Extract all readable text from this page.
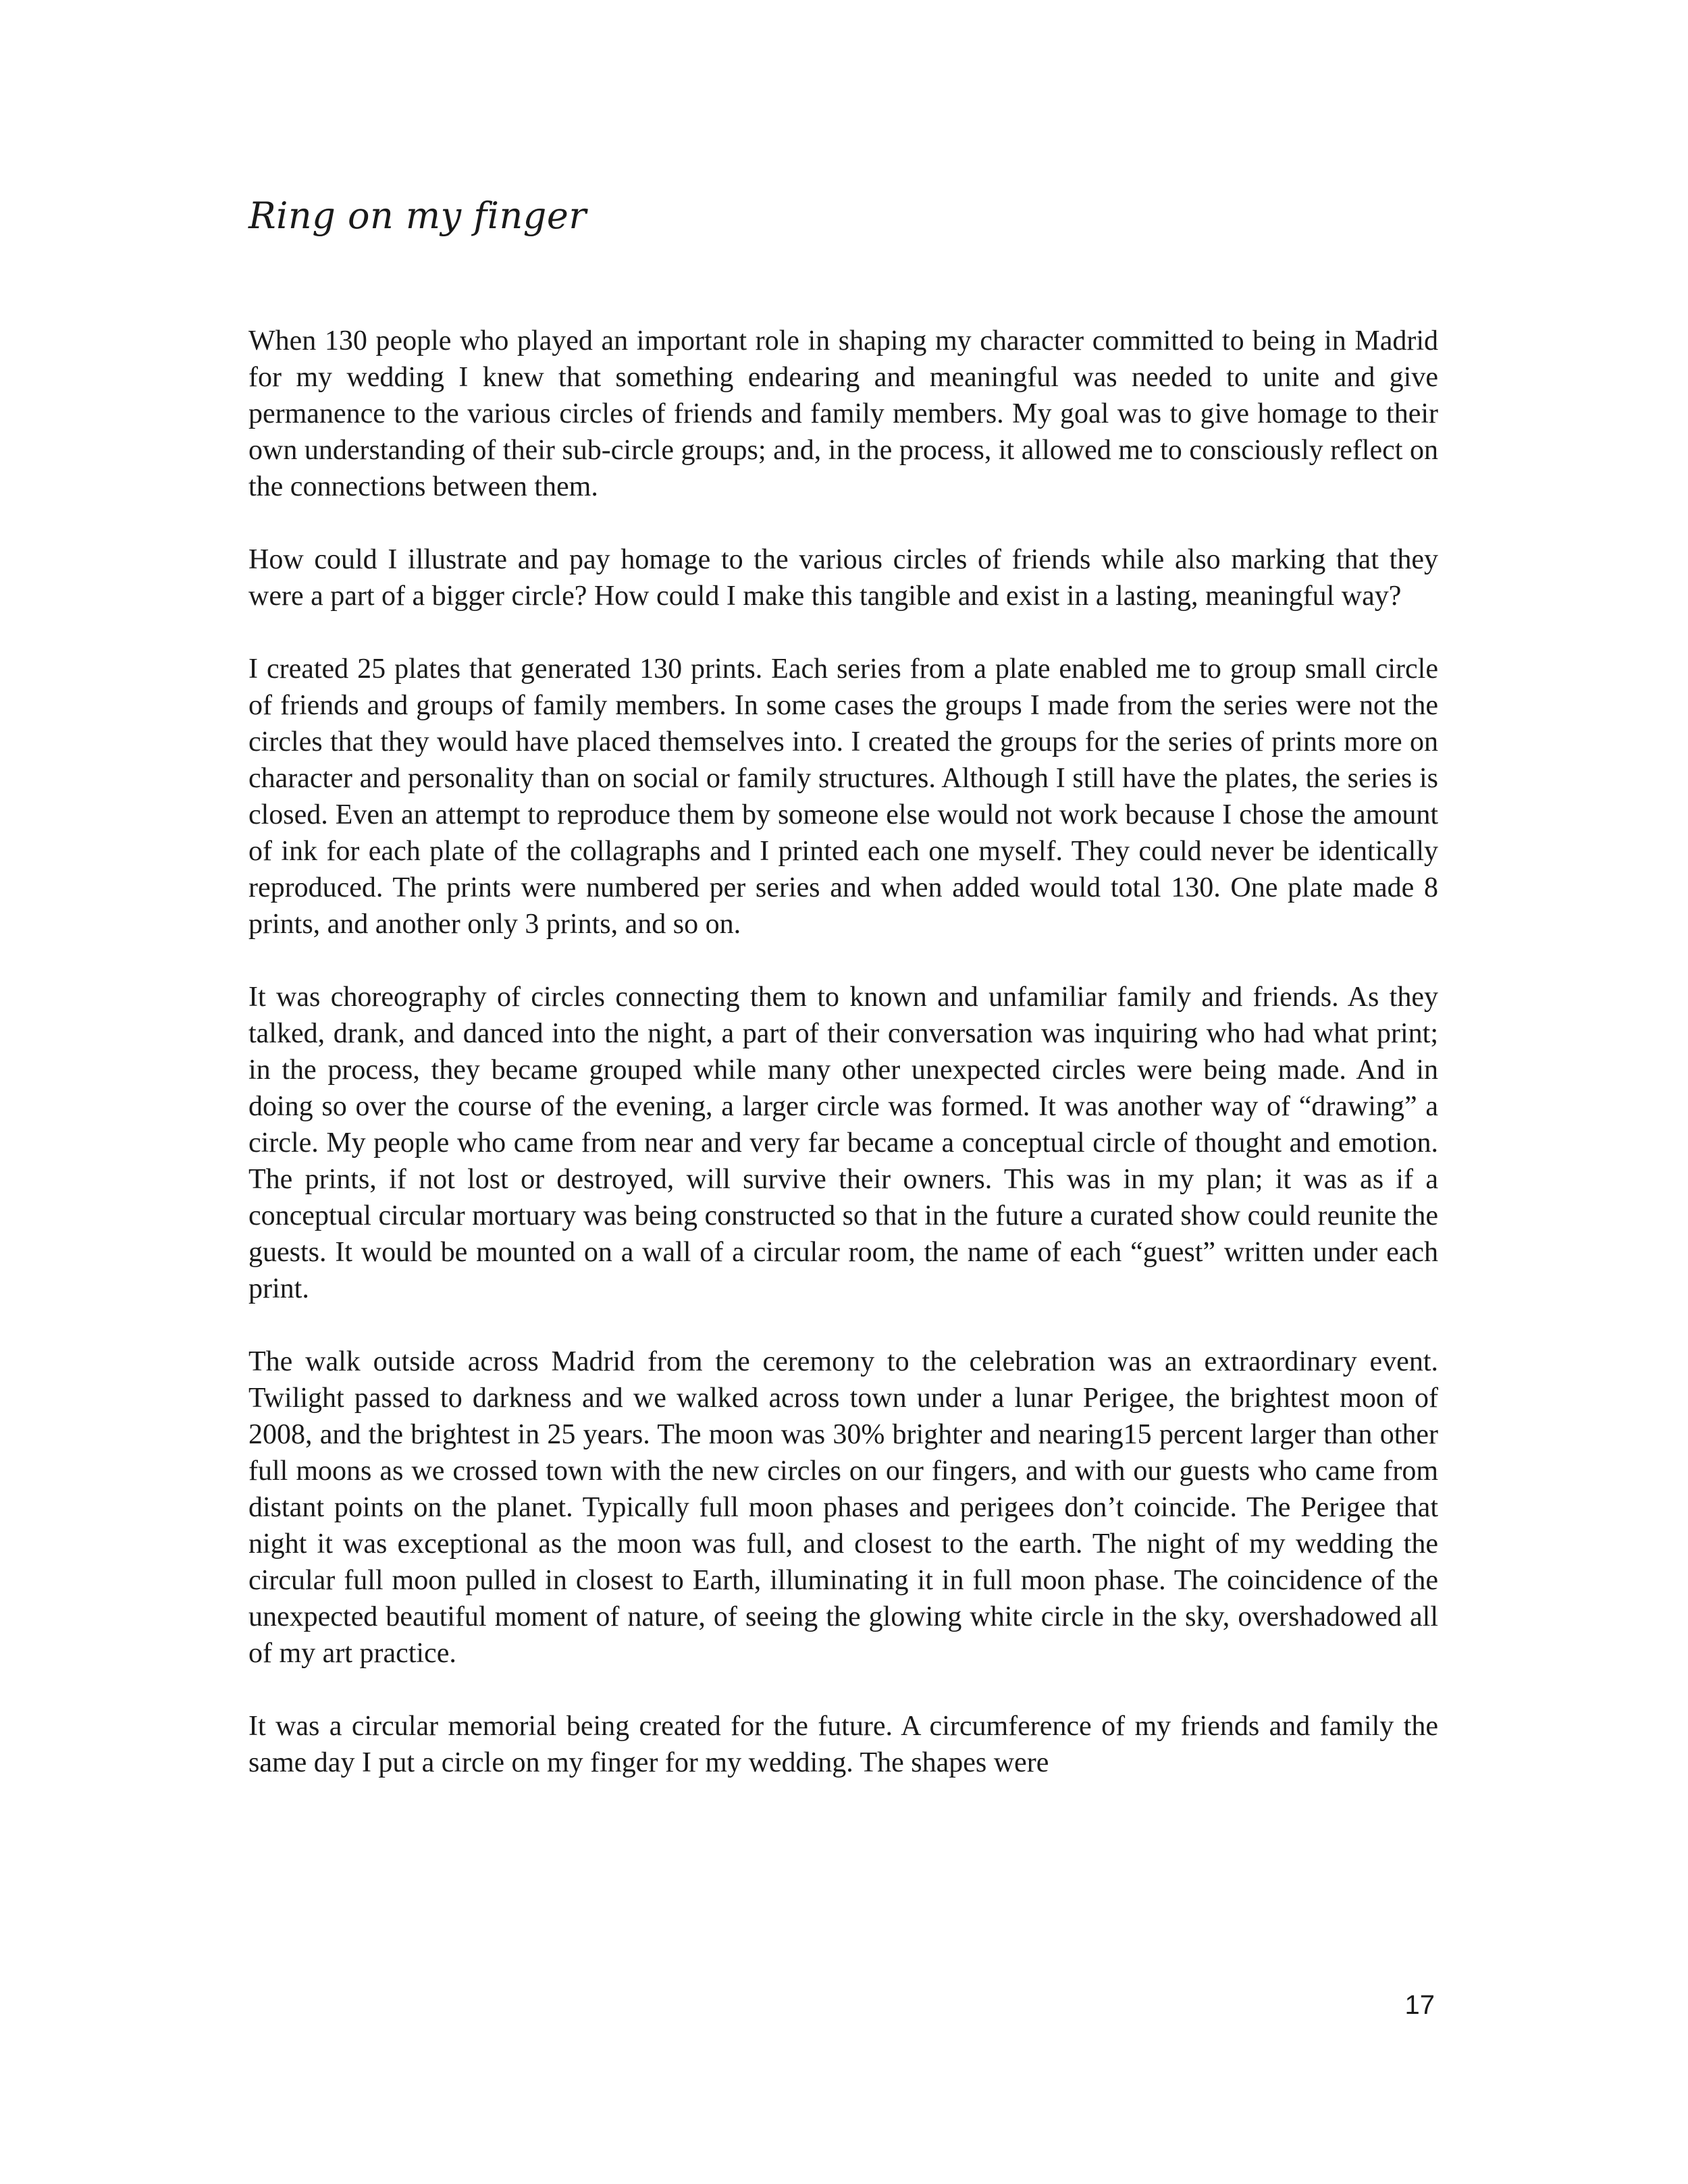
Ring on my finger

When 130 people who played an important role in shaping my character committed to being in Madrid for my wedding I knew that something endearing and meaningful was needed to unite and give permanence to the various circles of friends and family members. My goal was to give homage to their own understanding of their sub-circle groups; and, in the process, it allowed me to consciously reflect on the connections between them.

How could I illustrate and pay homage to the various circles of friends while also marking that they were a part of a bigger circle? How could I make this tangible and exist in a lasting, meaningful way?

I created 25 plates that generated 130 prints. Each series from a plate enabled me to group small circle of friends and groups of family members. In some cases the groups I made from the series were not the circles that they would have placed themselves into. I created the groups for the series of prints more on character and personality than on social or family structures. Although I still have the plates, the series is closed. Even an attempt to reproduce them by someone else would not work because I chose the amount of ink for each plate of the collagraphs and I printed each one myself. They could never be identically reproduced. The prints were numbered per series and when added would total 130. One plate made 8 prints, and another only 3 prints, and so on.

It was choreography of circles connecting them to known and unfamiliar family and friends. As they talked, drank, and danced into the night, a part of their conversation was inquiring who had what print; in the process, they became grouped while many other unexpected circles were being made. And in doing so over the course of the evening, a larger circle was formed. It was another way of “drawing” a circle. My people who came from near and very far became a conceptual circle of thought and emotion. The prints, if not lost or destroyed, will survive their owners. This was in my plan; it was as if a conceptual circular mortuary was being constructed so that in the future a curated show could reunite the guests. It would be mounted on a wall of a circular room, the name of each “guest” written under each print.

The walk outside across Madrid from the ceremony to the celebration was an extraordinary event. Twilight passed to darkness and we walked across town under a lunar Perigee, the brightest moon of 2008, and the brightest in 25 years. The moon was 30% brighter and nearing15 percent larger than other full moons as we crossed town with the new circles on our fingers, and with our guests who came from distant points on the planet. Typically full moon phases and perigees don’t coincide. The Perigee that night it was exceptional as the moon was full, and closest to the earth. The night of my wedding the circular full moon pulled in closest to Earth, illuminating it in full moon phase. The coincidence of the unexpected beautiful moment of nature, of seeing the glowing white circle in the sky, overshadowed all of my art practice.

It was a circular memorial being created for the future. A circumference of my friends and family the same day I put a circle on my finger for my wedding. The shapes were

17
